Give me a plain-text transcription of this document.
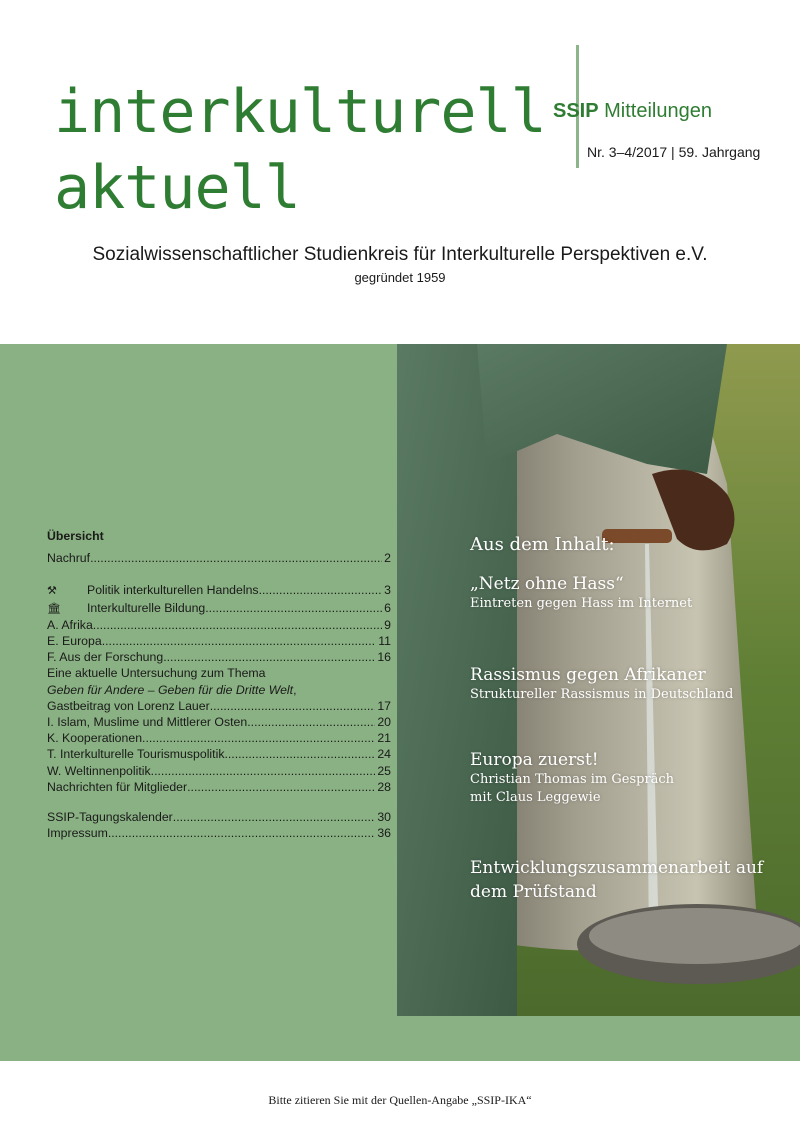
interkulturell
aktuell
SSIP Mitteilungen
Nr. 3–4/2017 | 59. Jahrgang
Sozialwissenschaftlicher Studienkreis für Interkulturelle Perspektiven e.V.
gegründet 1959
Übersicht
Nachruf .....	2
⚒	Politik interkulturellen Handelns .....	3
🏛	Interkulturelle Bildung .....	6
A. Afrika .....	9
E. Europa .....	11
F. Aus der Forschung .....	16
Eine aktuelle Untersuchung zum Thema
Geben für Andere – Geben für die Dritte Welt,
Gastbeitrag von Lorenz Lauer .....	17
I. Islam, Muslime und Mittlerer Osten .....	20
K. Kooperationen .....	21
T. Interkulturelle Tourismuspolitik .....	24
W. Weltinnenpolitik .....	25
Nachrichten für Mitglieder .....	28
SSIP-Tagungskalender .....	30
Impressum .....	36
Aus dem Inhalt:
„Netz ohne Hass“
Eintreten gegen Hass im Internet
Rassismus gegen Afrikaner
Struktureller Rassismus in Deutschland
Europa zuerst!
Christian Thomas im Gespräch
mit Claus Leggewie
Entwicklungszusammenarbeit auf dem Prüfstand
Bitte zitieren Sie mit der Quellen-Angabe „SSIP-IKA“
